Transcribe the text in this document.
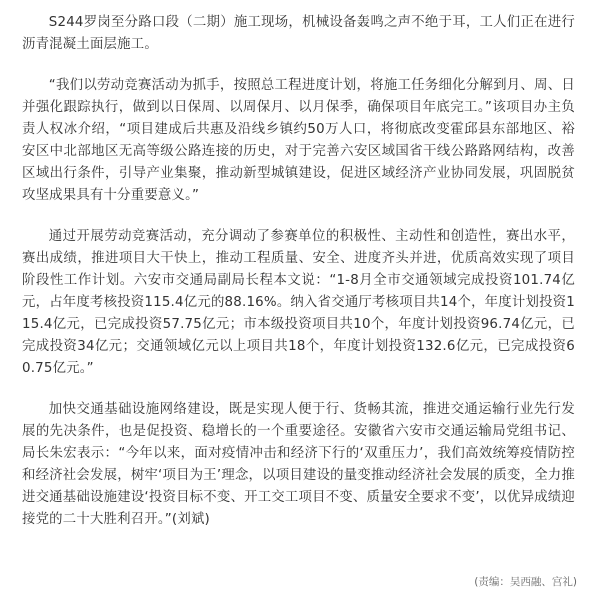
S244罗岗至分路口段（二期）施工现场，机械设备轰鸣之声不绝于耳，工人们正在进行沥青混凝土面层施工。

“我们以劳动竞赛活动为抓手，按照总工程进度计划，将施工任务细化分解到月、周、日并强化跟踪执行，做到以日保周、以周保月、以月保季，确保项目年底完工。”该项目办主负责人权冰介绍，“项目建成后共惠及沿线乡镇约50万人口，将彻底改变霍邱县东部地区、裕安区中北部地区无高等级公路连接的历史，对于完善六安区域国省干线公路路网结构，改善区域出行条件，引导产业集聚，推动新型城镇建设，促进区域经济产业协同发展，巩固脱贫攻坚成果具有十分重要意义。”

通过开展劳动竞赛活动，充分调动了参赛单位的积极性、主动性和创造性，赛出水平，赛出成绩，推进项目大干快上，推动工程质量、安全、进度齐头并进，优质高效实现了项目阶段性工作计划。六安市交通局副局长程本文说：“1-8月全市交通领域完成投资101.74亿元，占年度考核投资115.4亿元的88.16%。纳入省交通厅考核项目共14个，年度计划投资115.4亿元，已完成投资57.75亿元；市本级投资项目共10个，年度计划投资96.74亿元，已完成投资34亿元；交通领域亿元以上项目共18个，年度计划投资132.6亿元，已完成投资60.75亿元。”

加快交通基础设施网络建设，既是实现人便于行、货畅其流，推进交通运输行业先行发展的先决条件，也是促投资、稳增长的一个重要途径。安徽省六安市交通运输局党组书记、局长朱宏表示：“今年以来，面对疫情冲击和经济下行的‘双重压力’，我们高效统筹疫情防控和经济社会发展，树牢‘项目为王’理念，以项目建设的量变推动经济社会发展的质变，全力推进交通基础设施建设‘投资目标不变、开工交工项目不变、质量安全要求不变’，以优异成绩迎接党的二十大胜利召开。”(刘斌)

(责编：吴西融、宫礼)
